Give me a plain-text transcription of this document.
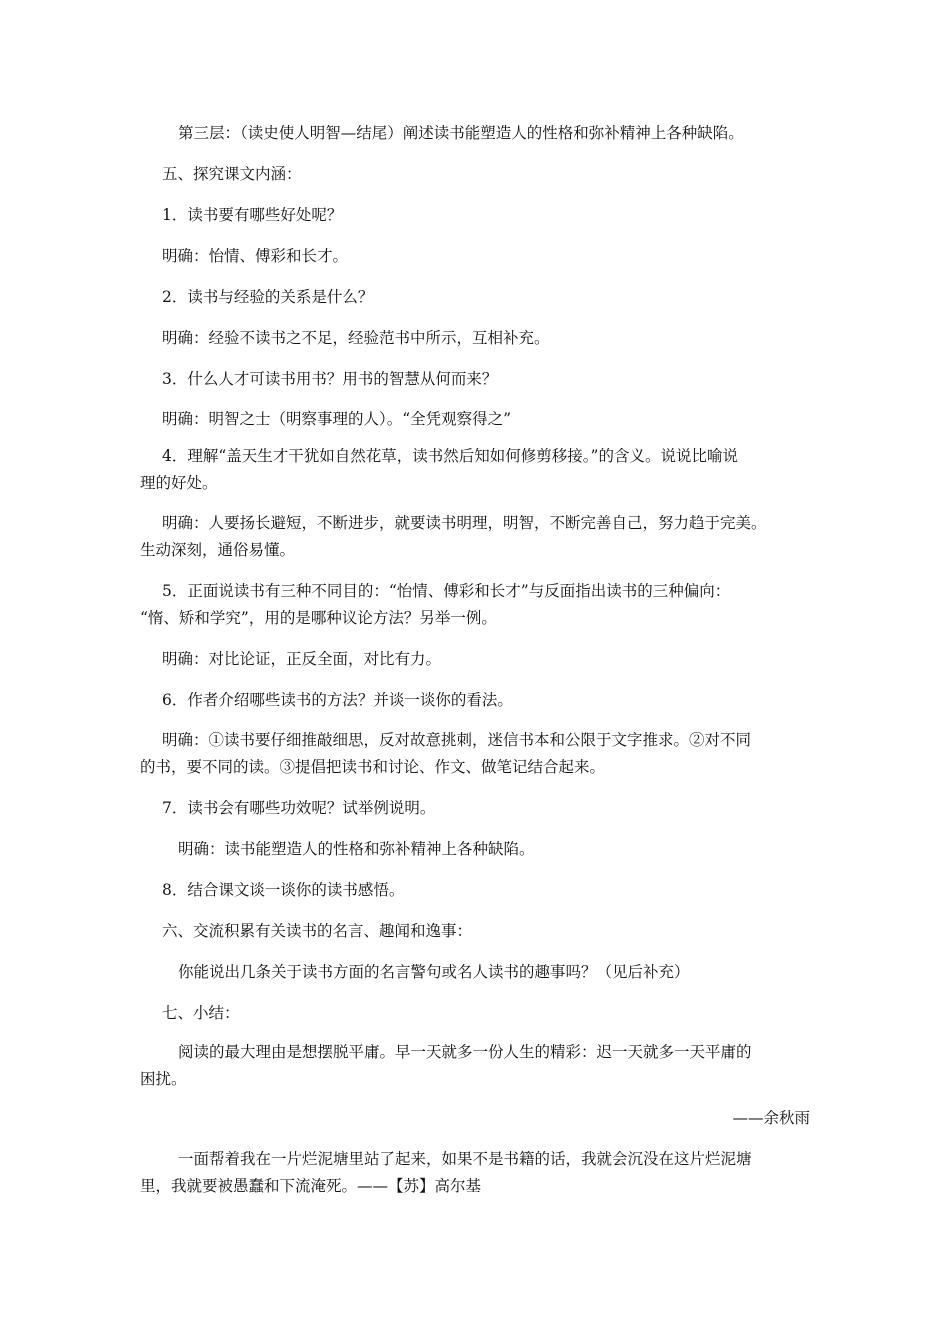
第三层：（读史使人明智—结尾）阐述读书能塑造人的性格和弥补精神上各种缺陷。
五、探究课文内涵：
1．读书要有哪些好处呢？
明确：怡情、傅彩和长才。
2．读书与经验的关系是什么？
明确：经验不读书之不足，经验范书中所示，互相补充。
3．什么人才可读书用书？用书的智慧从何而来？
明确：明智之士（明察事理的人）。“全凭观察得之”
4．理解“盖天生才干犹如自然花草，读书然后知如何修剪移接。”的含义。说说比喻说
理的好处。
明确：人要扬长避短，不断进步，就要读书明理，明智，不断完善自己，努力趋于完美。
生动深刻，通俗易懂。
5．正面说读书有三种不同目的：“怡情、傅彩和长才”与反面指出读书的三种偏向：
“惰、矫和学究”，用的是哪种议论方法？另举一例。
明确：对比论证，正反全面，对比有力。
6．作者介绍哪些读书的方法？并谈一谈你的看法。
明确：①读书要仔细推敲细思，反对故意挑刺，迷信书本和公限于文字推求。②对不同
的书，要不同的读。③提倡把读书和讨论、作文、做笔记结合起来。
7．读书会有哪些功效呢？试举例说明。
明确：读书能塑造人的性格和弥补精神上各种缺陷。
8．结合课文谈一谈你的读书感悟。
六、交流积累有关读书的名言、趣闻和逸事：
你能说出几条关于读书方面的名言警句或名人读书的趣事吗？（见后补充）
七、小结：
阅读的最大理由是想摆脱平庸。早一天就多一份人生的精彩：迟一天就多一天平庸的
困扰。
——余秋雨
一面帮着我在一片烂泥塘里站了起来，如果不是书籍的话，我就会沉没在这片烂泥塘
里，我就要被愚蠢和下流淹死。——【苏】高尔基
